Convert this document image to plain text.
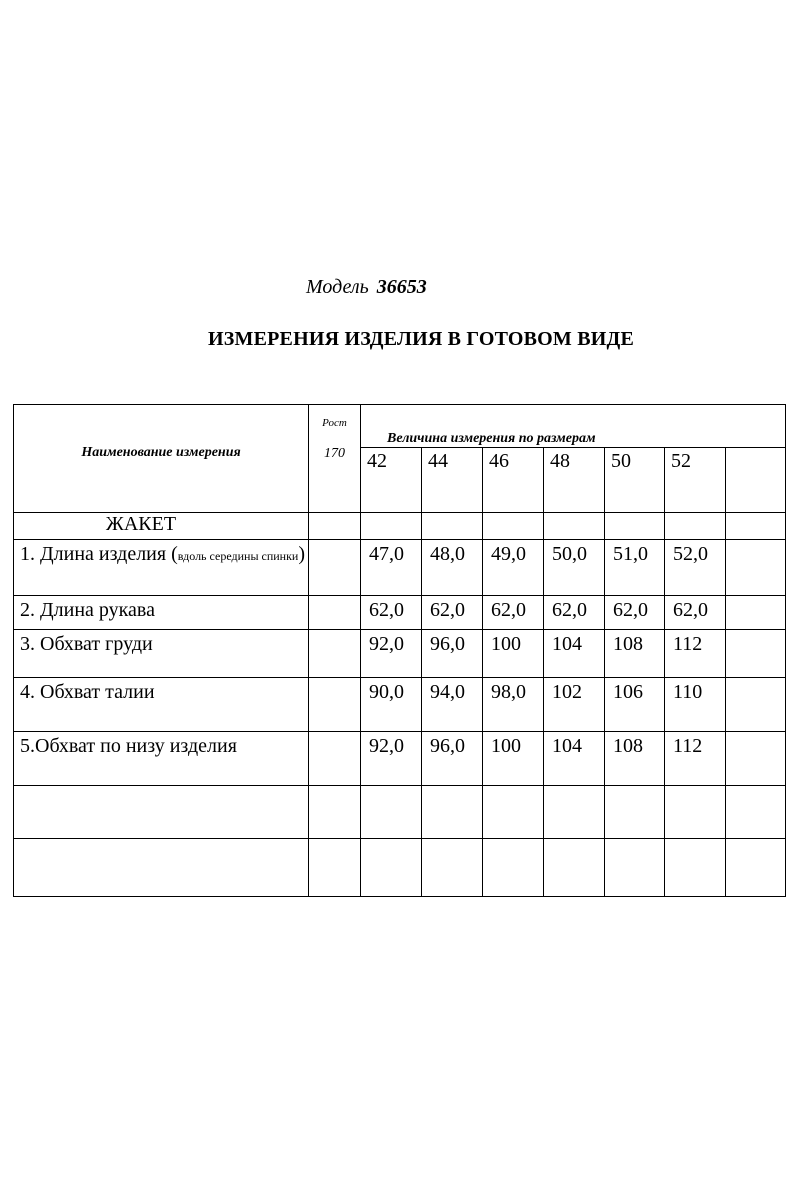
Модель 36653
ИЗМЕРЕНИЯ ИЗДЕЛИЯ В ГОТОВОМ ВИДЕ
$^{Наименование измерения}$	Рост
170	Величина измерения по размерам						
		42	44	46	48	50	52	
ЖАКЕТ								
1. Длина изделия (вдоль середины спинки)		47,0	48,0	49,0	50,0	51,0	52,0	
2. Длина рукава		62,0	62,0	62,0	62,0	62,0	62,0	
3. Обхват груди		92,0	96,0	100	104	108	112	
4. Обхват талии		90,0	94,0	98,0	102	106	110	
5.Обхват по низу изделия		92,0	96,0	100	104	108	112	
